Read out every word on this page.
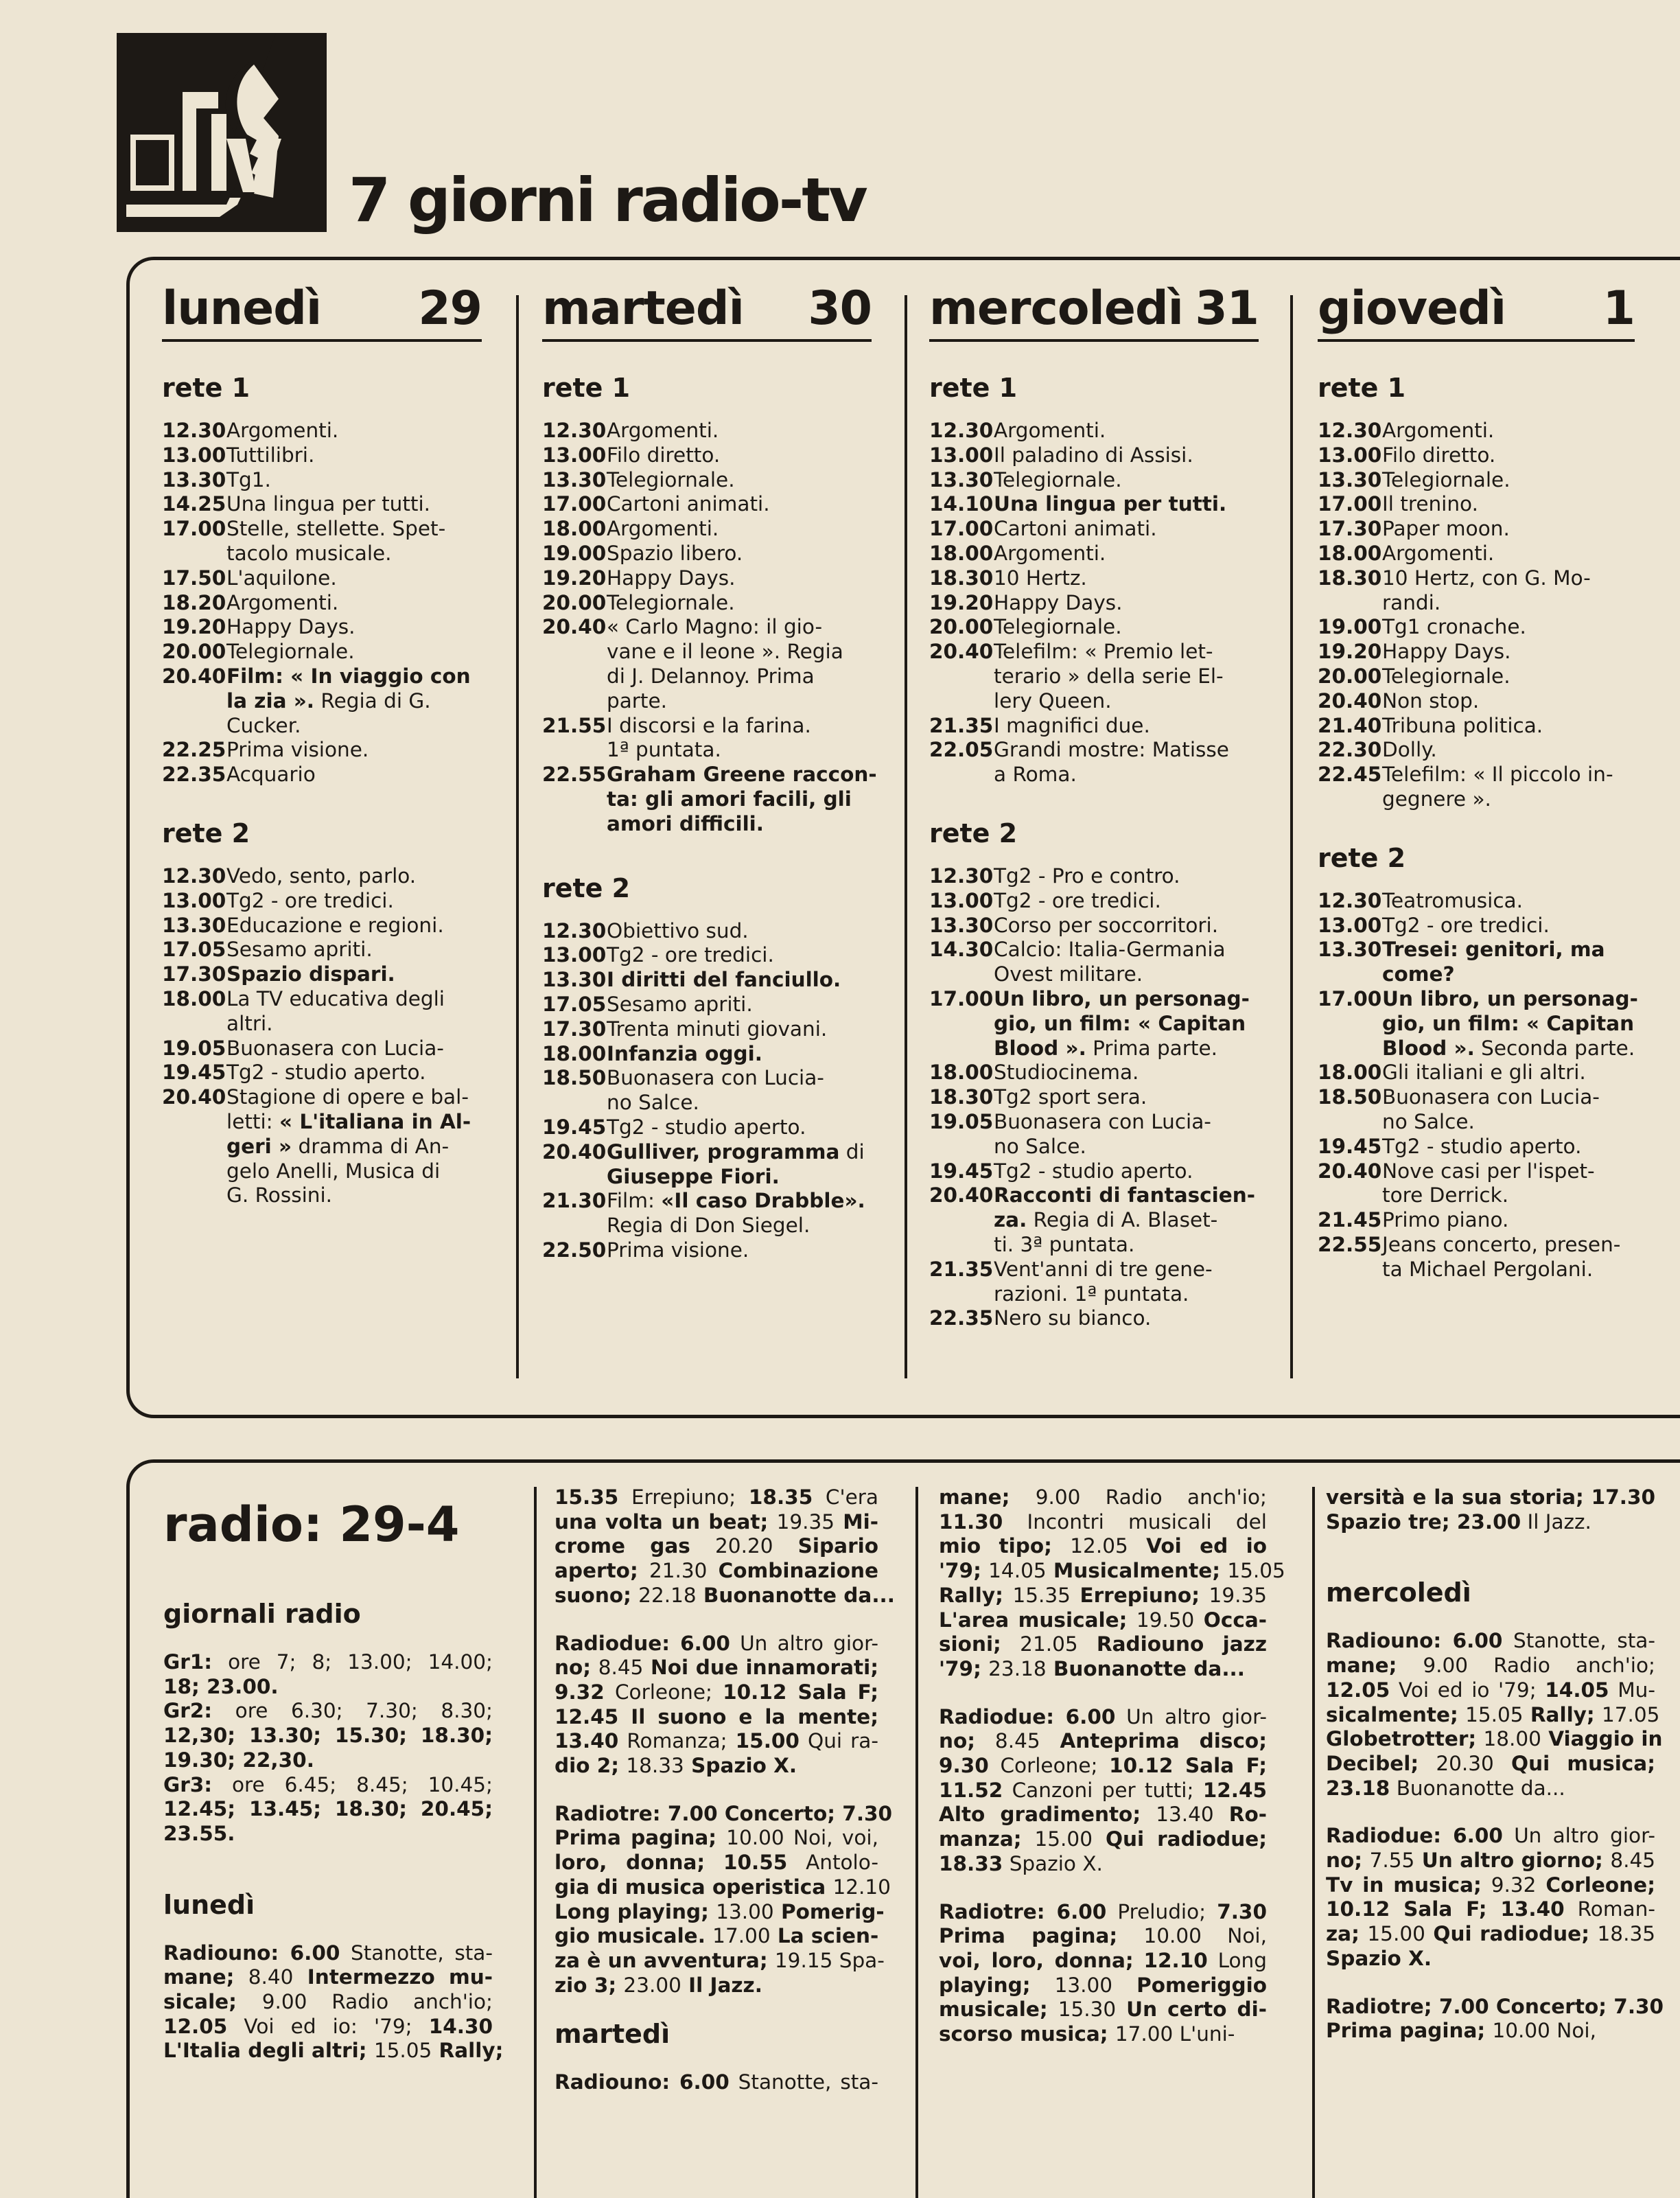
7 giorni radio-tv
lunedì 29
rete 1
12.30 Argomenti.
13.00 Tuttilibri.
13.30 Tg1.
14.25 Una lingua per tutti.
17.00 Stelle, stellette. Spet-
tacolo musicale.
17.50 L'aquilone.
18.20 Argomenti.
19.20 Happy Days.
20.00 Telegiornale.
20.40 Film: « In viaggio con
la zia ». Regia di G.
Cucker.
22.25 Prima visione.
22.35 Acquario
rete 2
12.30 Vedo, sento, parlo.
13.00 Tg2 - ore tredici.
13.30 Educazione e regioni.
17.05 Sesamo apriti.
17.30 Spazio dispari.
18.00 La TV educativa degli
altri.
19.05 Buonasera con Lucia-
19.45 Tg2 - studio aperto.
20.40 Stagione di opere e bal-
letti: « L'italiana in Al-
geri » dramma di An-
gelo Anelli, Musica di
G. Rossini.
martedì 30
rete 1
12.30 Argomenti.
13.00 Filo diretto.
13.30 Telegiornale.
17.00 Cartoni animati.
18.00 Argomenti.
19.00 Spazio libero.
19.20 Happy Days.
20.00 Telegiornale.
20.40 « Carlo Magno: il gio-
vane e il leone ». Regia
di J. Delannoy. Prima
parte.
21.55 I discorsi e la farina.
1ª puntata.
22.55 Graham Greene raccon-
ta: gli amori facili, gli
amori difficili.
rete 2
12.30 Obiettivo sud.
13.00 Tg2 - ore tredici.
13.30 I diritti del fanciullo.
17.05 Sesamo apriti.
17.30 Trenta minuti giovani.
18.00 Infanzia oggi.
18.50 Buonasera con Luciа-
no Salce.
19.45 Tg2 - studio aperto.
20.40 Gulliver, programma di
Giuseppe Fiori.
21.30 Film: «Il caso Drabble».
Regia di Don Siegel.
22.50 Prima visione.
mercoledì 31
rete 1
12.30 Argomenti.
13.00 Il paladino di Assisi.
13.30 Telegiornale.
14.10 Una lingua per tutti.
17.00 Cartoni animati.
18.00 Argomenti.
18.30 10 Hertz.
19.20 Happy Days.
20.00 Telegiornale.
20.40 Telefilm: « Premio let-
terario » della serie El-
lery Queen.
21.35 I magnifici due.
22.05 Grandi mostre: Matisse
a Roma.
rete 2
12.30 Tg2 - Pro e contro.
13.00 Tg2 - ore tredici.
13.30 Corso per soccorritori.
14.30 Calcio: Italia-Germania
Ovest militare.
17.00 Un libro, un personag-
gio, un film: « Capitan
Blood ». Prima parte.
18.00 Studiocinema.
18.30 Tg2 sport sera.
19.05 Buonasera con Luciа-
no Salce.
19.45 Tg2 - studio aperto.
20.40 Racconti di fantascien-
za. Regia di A. Blaset-
ti. 3ª puntata.
21.35 Vent'anni di tre gene-
razioni. 1ª puntata.
22.35 Nero su bianco.
giovedì 1
rete 1
12.30 Argomenti.
13.00 Filo diretto.
13.30 Telegiornale.
17.00 Il trenino.
17.30 Paper moon.
18.00 Argomenti.
18.30 10 Hertz, con G. Mo-
randi.
19.00 Tg1 cronache.
19.20 Happy Days.
20.00 Telegiornale.
20.40 Non stop.
21.40 Tribuna politica.
22.30 Dolly.
22.45 Telefilm: « Il piccolo in-
gegnere ».
rete 2
12.30 Teatromusica.
13.00 Tg2 - ore tredici.
13.30 Tresei: genitori, ma
come?
17.00 Un libro, un personag-
gio, un film: « Capitan
Blood ». Seconda parte.
18.00 Gli italiani e gli altri.
18.50 Buonasera con Lucia-
no Salce.
19.45 Tg2 - studio aperto.
20.40 Nove casi per l'ispet-
tore Derrick.
21.45 Primo piano.
22.55 Jeans concerto, presen-
ta Michael Pergolani.
radio: 29-4
giornali radio

Gr1: ore 7; 8; 13.00; 14.00;

18; 23.00.

Gr2: ore 6.30; 7.30; 8.30;

12,30; 13.30; 15.30; 18.30;

19.30; 22,30.

Gr3: ore 6.45; 8.45; 10.45;

12.45; 13.45; 18.30; 20.45;

23.55.

lunedì

Radiouno: 6.00 Stanotte, sta-

mane; 8.40 Intermezzo mu-

sicale; 9.00 Radio anch'io;

12.05 Voi ed io: '79; 14.30

L'Italia degli altri; 15.05 Rally;

15.35 Errepiuno; 18.35 C'era

una volta un beat; 19.35 Mi-

crome gas 20.20 Sipario

aperto; 21.30 Combinazione

suono; 22.18 Buonanotte da...

Radiodue: 6.00 Un altro gior-

no; 8.45 Noi due innamorati;

9.32 Corleone; 10.12 Sala F;

12.45 Il suono e la mente;

13.40 Romanza; 15.00 Qui ra-

dio 2; 18.33 Spazio X.

Radiotre: 7.00 Concerto; 7.30

Prima pagina; 10.00 Noi, voi,

loro, donna; 10.55 Antolo-

gia di musica operistica 12.10

Long playing; 13.00 Pomerig-

gio musicale. 17.00 La scien-

za è un avventura; 19.15 Spa-

zio 3; 23.00 Il Jazz.

martedì

Radiouno: 6.00 Stanotte, sta-

mane; 9.00 Radio anch'io;

11.30 Incontri musicali del

mio tipo; 12.05 Voi ed io

'79; 14.05 Musicalmente; 15.05

Rally; 15.35 Errepiuno; 19.35

L'area musicale; 19.50 Occa-

sioni; 21.05 Radiouno jazz

'79; 23.18 Buonanotte da...

Radiodue: 6.00 Un altro gior-

no; 8.45 Anteprima disco;

9.30 Corleone; 10.12 Sala F;

11.52 Canzoni per tutti; 12.45

Alto gradimento; 13.40 Ro-

manza; 15.00 Qui radiodue;

18.33 Spazio X.

Radiotre: 6.00 Preludio; 7.30

Prima pagina; 10.00 Noi,

voi, loro, donna; 12.10 Long

playing; 13.00 Pomeriggio

musicale; 15.30 Un certo di-

scorso musica; 17.00 L'uni-

versità e la sua storia; 17.30

Spazio tre; 23.00 Il Jazz.

mercoledì

Radiouno: 6.00 Stanotte, sta-

mane; 9.00 Radio anch'io;

12.05 Voi ed io '79; 14.05 Mu-

sicalmente; 15.05 Rally; 17.05

Globetrotter; 18.00 Viaggio in

Decibel; 20.30 Qui musica;

23.18 Buonanotte da...

Radiodue: 6.00 Un altro gior-

no; 7.55 Un altro giorno; 8.45

Tv in musica; 9.32 Corleone;

10.12 Sala F; 13.40 Roman-

za; 15.00 Qui radiodue; 18.35

Spazio X.

Radiotre; 7.00 Concerto; 7.30

Prima pagina; 10.00 Noi,
